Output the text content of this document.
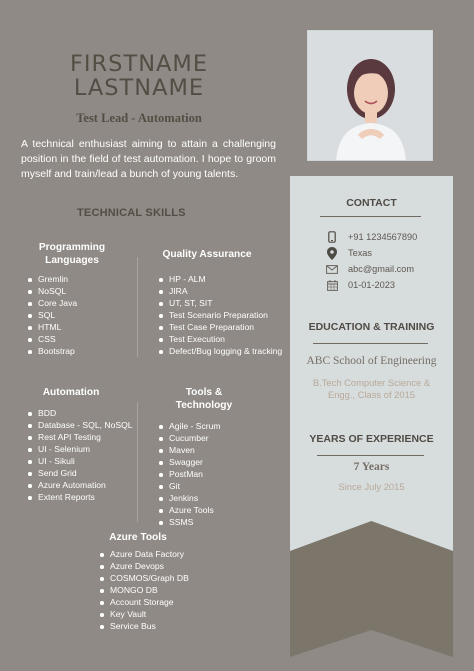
FIRSTNAME
LASTNAME
Test Lead - Automation
A technical enthusiast aiming to attain a challenging position in the field of test automation. I hope to groom myself and train/lead a bunch of young talents.
TECHNICAL SKILLS
Programming Languages
Gremlin
NoSQL
Core Java
SQL
HTML
CSS
Bootstrap
Quality Assurance
HP - ALM
JIRA
UT, ST, SIT
Test Scenario Preparation
Test Case Preparation
Test Execution
Defect/Bug logging & tracking
Automation
BDD
Database - SQL, NoSQL
Rest API Testing
UI - Selenium
UI - Sikuli
Send Grid
Azure Automation
Extent Reports
Tools & Technology
Agile - Scrum
Cucumber
Maven
Swagger
PostMan
Git
Jenkins
Azure Tools
SSMS
Azure Tools
Azure Data Factory
Azure Devops
COSMOS/Graph DB
MONGO DB
Account Storage
Key Vault
Service Bus
CONTACT
+91 1234567890
Texas
abc@gmail.com
01-01-2023
EDUCATION & TRAINING
ABC School of Engineering
B.Tech Computer Science & Engg., Class of 2015
YEARS OF EXPERIENCE
7 Years
Since July 2015
